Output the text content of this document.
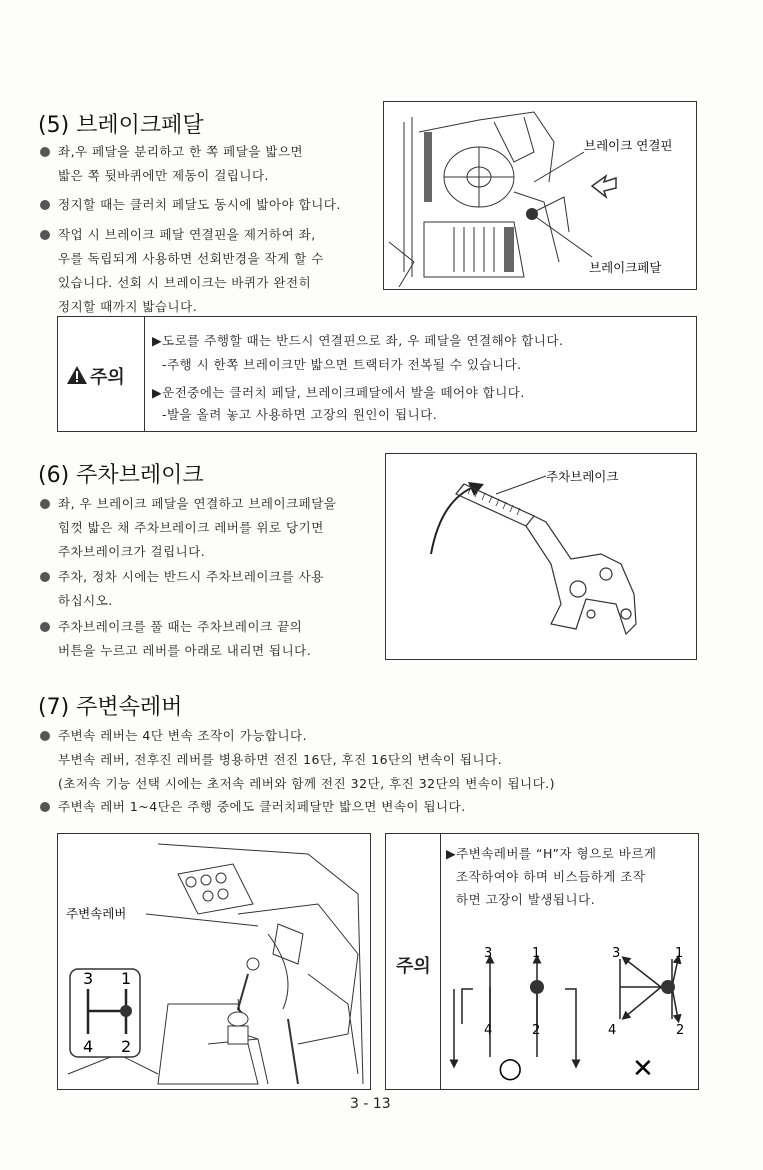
(5) 브레이크페달
좌,우 페달을 분리하고 한 쪽 페달을 밟으면
밟은 쪽 뒷바퀴에만 제동이 걸립니다.
정지할 때는 클러치 페달도 동시에 밟아야 합니다.
작업 시 브레이크 페달 연결핀을 제거하여 좌,
우를 독립되게 사용하면 선회반경을 작게 할 수
있습니다. 선회 시 브레이크는 바퀴가 완전히
정지할 때까지 밟습니다.
브레이크 연결핀
브레이크페달
주의
▶도로를 주행할 때는 반드시 연결핀으로 좌, 우 페달을 연결해야 합니다.
-주행 시 한쪽 브레이크만 밟으면 트랙터가 전복될 수 있습니다.
▶운전중에는 클러치 페달, 브레이크페달에서 발을 떼어야 합니다.
-발을 올려 놓고 사용하면 고장의 원인이 됩니다.
(6) 주차브레이크
좌, 우 브레이크 페달을 연결하고 브레이크페달을
힘껏 밟은 채 주차브레이크 레버를 위로 당기면
주차브레이크가 걸립니다.
주차, 정차 시에는 반드시 주차브레이크를 사용
하십시오.
주차브레이크를 풀 때는 주차브레이크 끝의
버튼을 누르고 레버를 아래로 내리면 됩니다.
주차브레이크
(7) 주변속레버
주변속 레버는 4단 변속 조작이 가능합니다.
부변속 레버, 전후진 레버를 병용하면 전진 16단, 후진 16단의 변속이 됩니다.
(초저속 기능 선택 시에는 초저속 레버와 함께 전진 32단, 후진 32단의 변속이 됩니다.)
주변속 레버 1~4단은 주행 중에도 클러치페달만 밟으면 변속이 됩니다.
주변속레버
3 1
4 2
주의
▶주변속레버를 “H”자 형으로 바르게
조작하여야 하며 비스듬하게 조작
하면 고장이 발생됩니다.
3	1
4	2
3	1
4	2
○	✕
3 - 13
